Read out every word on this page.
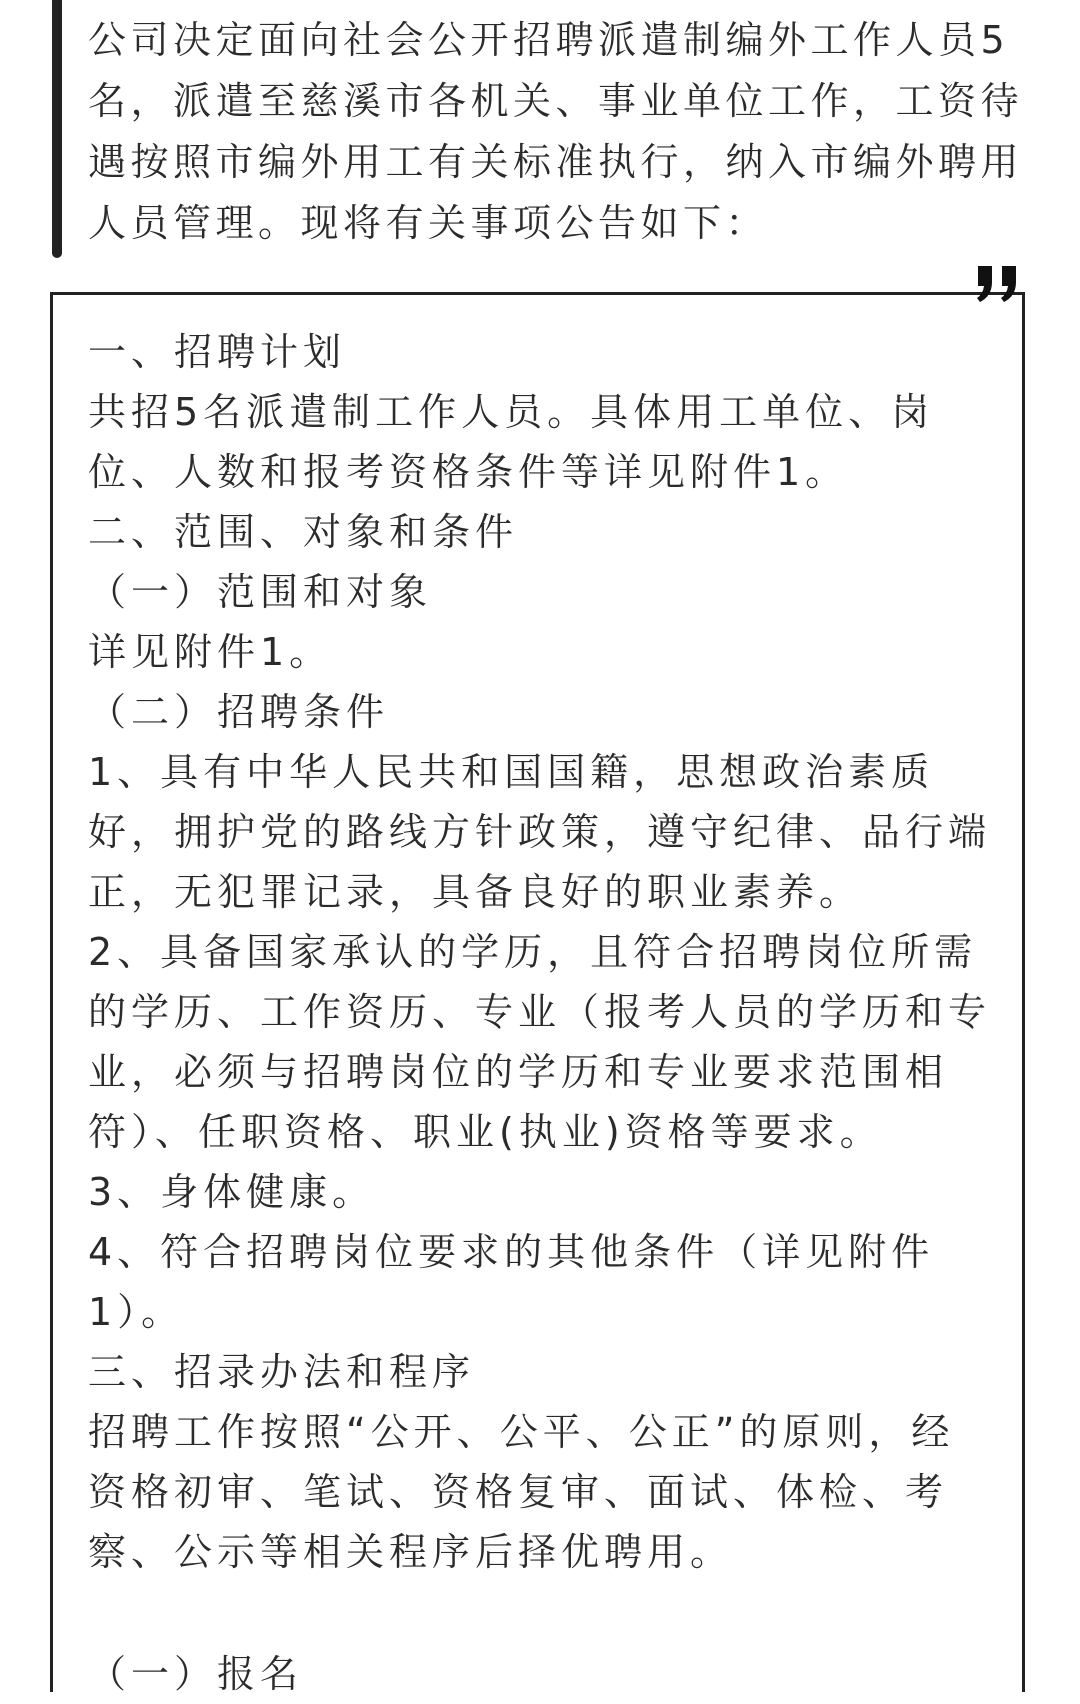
公司决定面向社会公开招聘派遣制编外工作人员5名，派遣至慈溪市各机关、事业单位工作，工资待遇按照市编外用工有关标准执行，纳入市编外聘用人员管理。现将有关事项公告如下：

一、招聘计划

共招5名派遣制工作人员。具体用工单位、岗位、人数和报考资格条件等详见附件1。

二、范围、对象和条件

（一）范围和对象

详见附件1。

（二）招聘条件

1、具有中华人民共和国国籍，思想政治素质好，拥护党的路线方针政策，遵守纪律、品行端正，无犯罪记录，具备良好的职业素养。

2、具备国家承认的学历，且符合招聘岗位所需的学历、工作资历、专业（报考人员的学历和专业，必须与招聘岗位的学历和专业要求范围相符）、任职资格、职业(执业)资格等要求。

3、身体健康。

4、符合招聘岗位要求的其他条件（详见附件1）。

三、招录办法和程序

招聘工作按照“公开、公平、公正”的原则，经资格初审、笔试、资格复审、面试、体检、考察、公示等相关程序后择优聘用。

（一）报名
